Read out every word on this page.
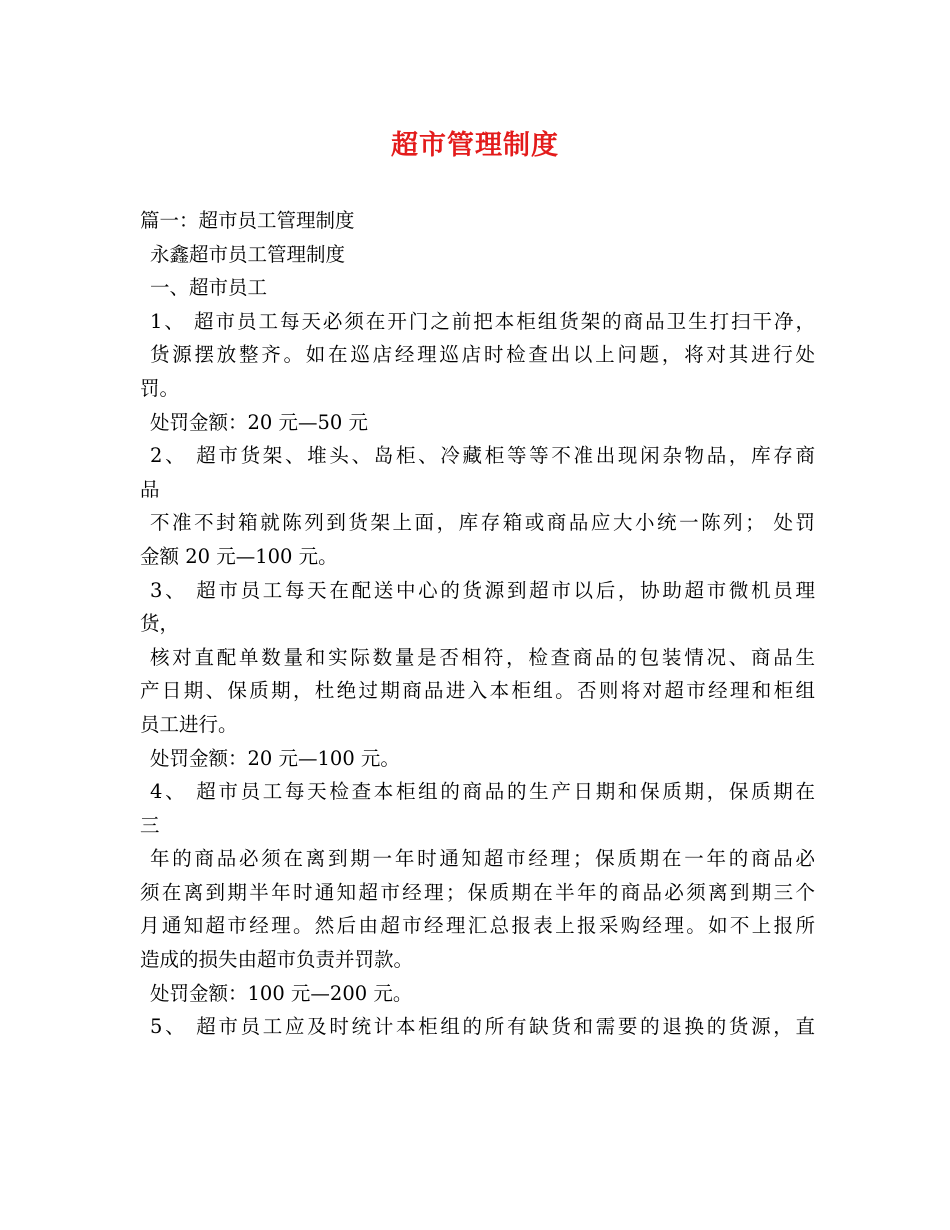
超市管理制度
篇一：超市员工管理制度
永鑫超市员工管理制度
一、超市员工
1、 超市员工每天必须在开门之前把本柜组货架的商品卫生打扫干净，
货源摆放整齐。如在巡店经理巡店时检查出以上问题，将对其进行处
罚。
处罚金额：20 元—50 元
2、 超市货架、堆头、岛柜、冷藏柜等等不准出现闲杂物品，库存商
品
不准不封箱就陈列到货架上面，库存箱或商品应大小统一陈列； 处罚
金额 20 元—100 元。
3、 超市员工每天在配送中心的货源到超市以后，协助超市微机员理
货，
核对直配单数量和实际数量是否相符，检查商品的包装情况、商品生
产日期、保质期，杜绝过期商品进入本柜组。否则将对超市经理和柜组
员工进行。
处罚金额：20 元—100 元。
4、 超市员工每天检查本柜组的商品的生产日期和保质期，保质期在
三
年的商品必须在离到期一年时通知超市经理；保质期在一年的商品必
须在离到期半年时通知超市经理；保质期在半年的商品必须离到期三个
月通知超市经理。然后由超市经理汇总报表上报采购经理。如不上报所
造成的损失由超市负责并罚款。
处罚金额：100 元—200 元。
5、 超市员工应及时统计本柜组的所有缺货和需要的退换的货源，直
